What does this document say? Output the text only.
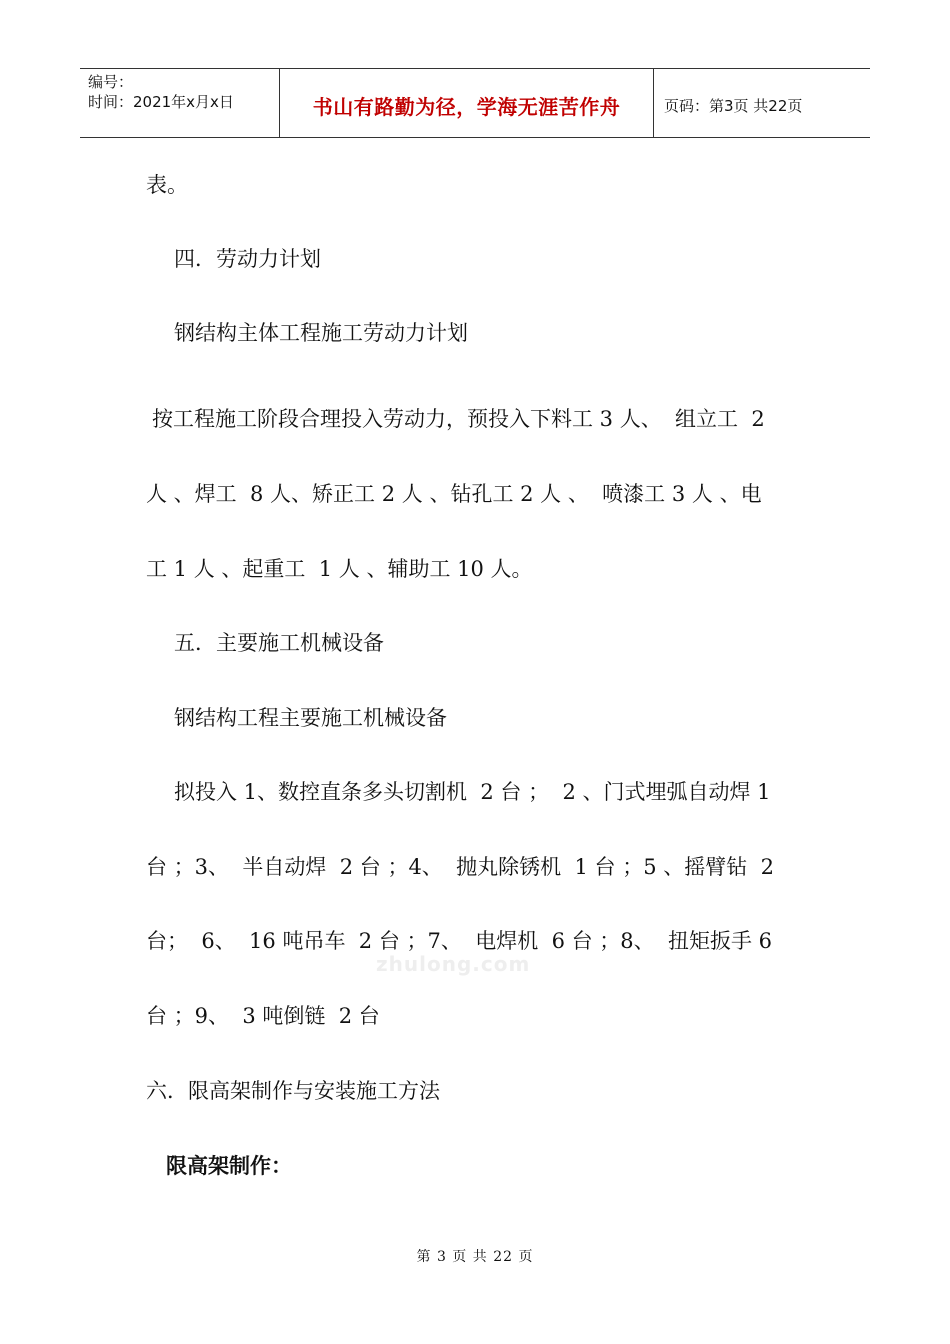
编号：
时间：2021年x月x日	书山有路勤为径，学海无涯苦作舟	页码：第3页 共22页
表。
四．劳动力计划
钢结构主体工程施工劳动力计划
按工程施工阶段合理投入劳动力，预投入下料工 3 人、  组立工  2
人 、焊工  8 人、矫正工 2 人 、钻孔工 2 人 、  喷漆工 3 人 、电
工 1 人 、起重工  1 人 、辅助工 10 人。
五．主要施工机械设备
钢结构工程主要施工机械设备
拟投入 1、数控直条多头切割机  2 台 ；  2 、门式埋弧自动焊 1
台 ；3、  半自动焊  2 台 ；4、  抛丸除锈机  1 台 ；5 、摇臂钻  2
台；  6、  16 吨吊车  2 台 ；7、  电焊机  6 台 ；8、  扭矩扳手 6
台 ；9、  3 吨倒链  2 台
六．限高架制作与安装施工方法
限高架制作：
zhulong.com
第 3 页 共 22 页
